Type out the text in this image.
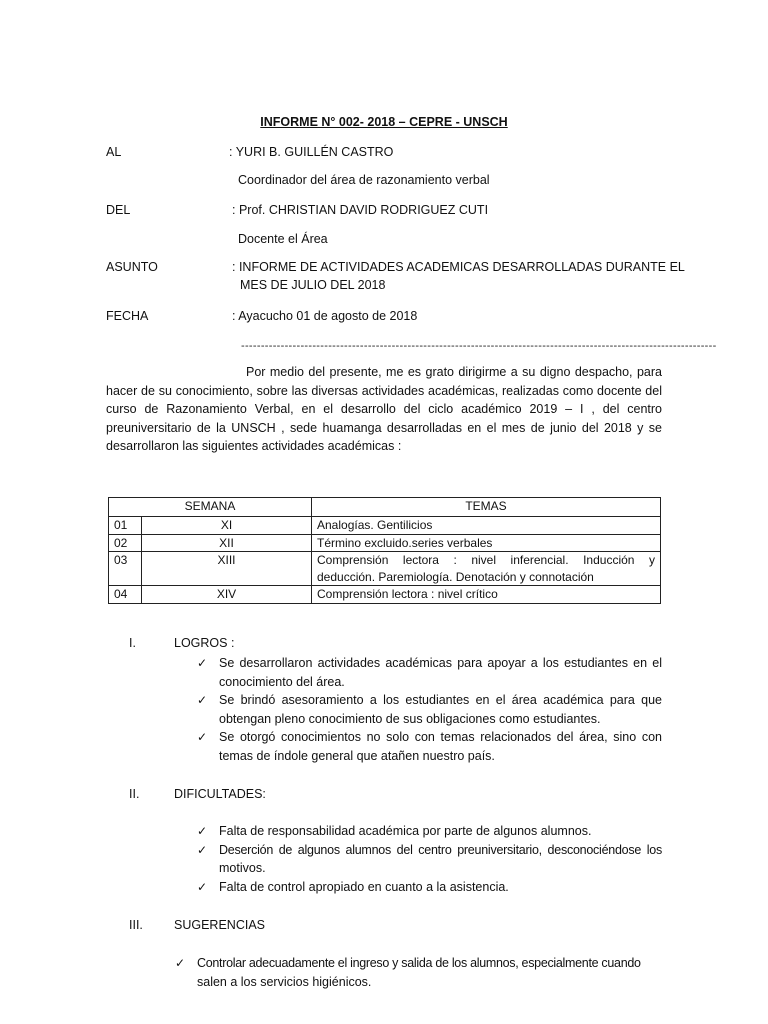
INFORME N° 002- 2018 – CEPRE - UNSCH
AL	: YURI B. GUILLÉN CASTRO
Coordinador del área de razonamiento verbal
DEL	: Prof. CHRISTIAN DAVID RODRIGUEZ CUTI
Docente el Área
ASUNTO	: INFORME DE ACTIVIDADES ACADEMICAS DESARROLLADAS DURANTE EL
MES DE JULIO DEL 2018
FECHA	: Ayacucho 01 de agosto de 2018
------------------------------------------------------------------------------------------------------------------------

Por medio del presente, me es grato dirigirme a su digno despacho, para hacer de su conocimiento, sobre las diversas actividades académicas, realizadas como docente del curso de Razonamiento Verbal, en el desarrollo del ciclo académico 2019 – I , del centro preuniversitario de la UNSCH , sede huamanga desarrolladas en el mes de junio del 2018 y se desarrollaron las siguientes actividades académicas :

SEMANA		TEMAS
01	XI	Analogías. Gentilicios
02	XII	Término excluido.series verbales
03	XIII	Comprensión lectora : nivel inferencial. Inducción y
deducción. Paremiología. Denotación y connotación

04	XIV	Comprensión lectora : nivel crítico
I.	LOGROS :
✓ Se desarrollaron actividades académicas para apoyar a los estudiantes en el
conocimiento del área.
✓ Se brindó asesoramiento a los estudiantes en el área académica para que
obtengan pleno conocimiento de sus obligaciones como estudiantes.
✓ Se otorgó conocimientos no solo con temas relacionados del área, sino con
temas de índole general que atañen nuestro país.
II.	DIFICULTADES:
✓ Falta de responsabilidad académica por parte de algunos alumnos.
✓ Deserción de algunos alumnos del centro preuniversitario, desconociéndose los
motivos.
✓ Falta de control apropiado en cuanto a la asistencia.
III. SUGERENCIAS
✓ Controlar adecuadamente el ingreso y salida de los alumnos, especialmente cuando
salen a los servicios higiénicos.
